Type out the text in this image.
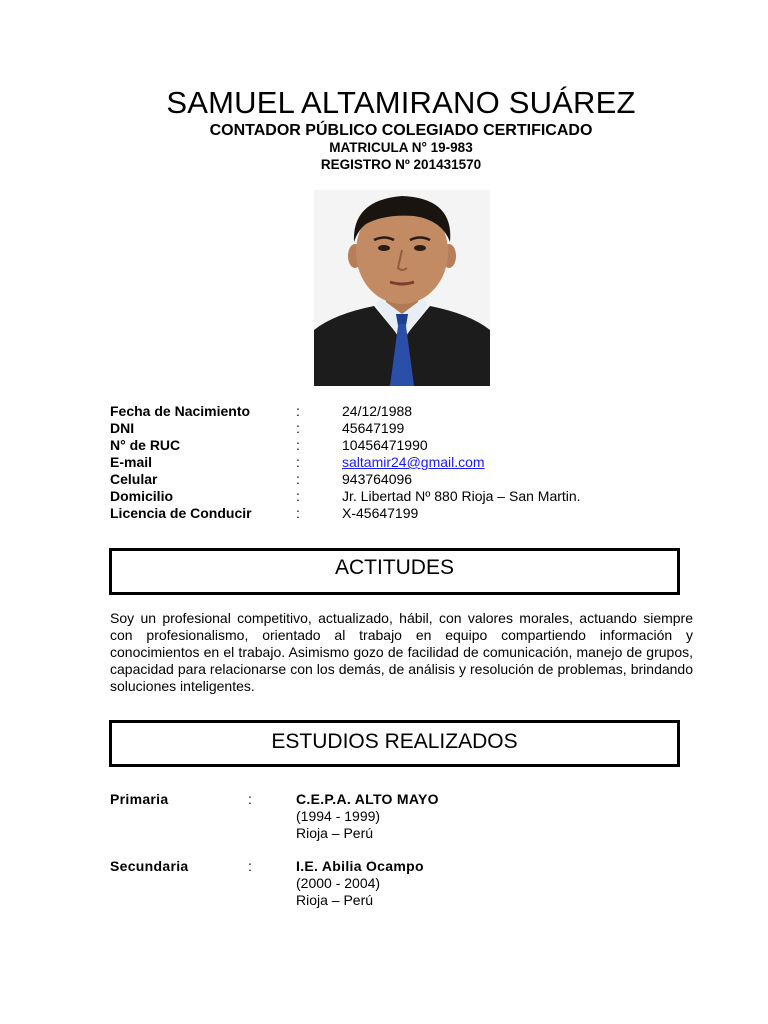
SAMUEL ALTAMIRANO SUÁREZ
CONTADOR PÚBLICO COLEGIADO CERTIFICADO
MATRICULA N° 19-983
REGISTRO Nº 201431570
Fecha de Nacimiento	:	24/12/1988
DNI	:	45647199
N° de RUC	:	10456471990
E-mail	:	saltamir24@gmail.com
Celular	:	943764096
Domicilio	:	Jr. Libertad Nº 880 Rioja – San Martin.
Licencia de Conducir	:	X-45647199
ACTITUDES

Soy un profesional competitivo, actualizado, hábil, con valores morales, actuando siempre con profesionalismo, orientado al trabajo en equipo compartiendo información y conocimientos en el trabajo. Asimismo gozo de facilidad de comunicación, manejo de grupos, capacidad para relacionarse con los demás, de análisis y resolución de problemas, brindando soluciones inteligentes.

ESTUDIOS REALIZADOS
Primaria	:	C.E.P.A. ALTO MAYO
(1994 - 1999)
Rioja – Perú
Secundaria	:	I.E. Abilia Ocampo
(2000 - 2004)
Rioja – Perú
